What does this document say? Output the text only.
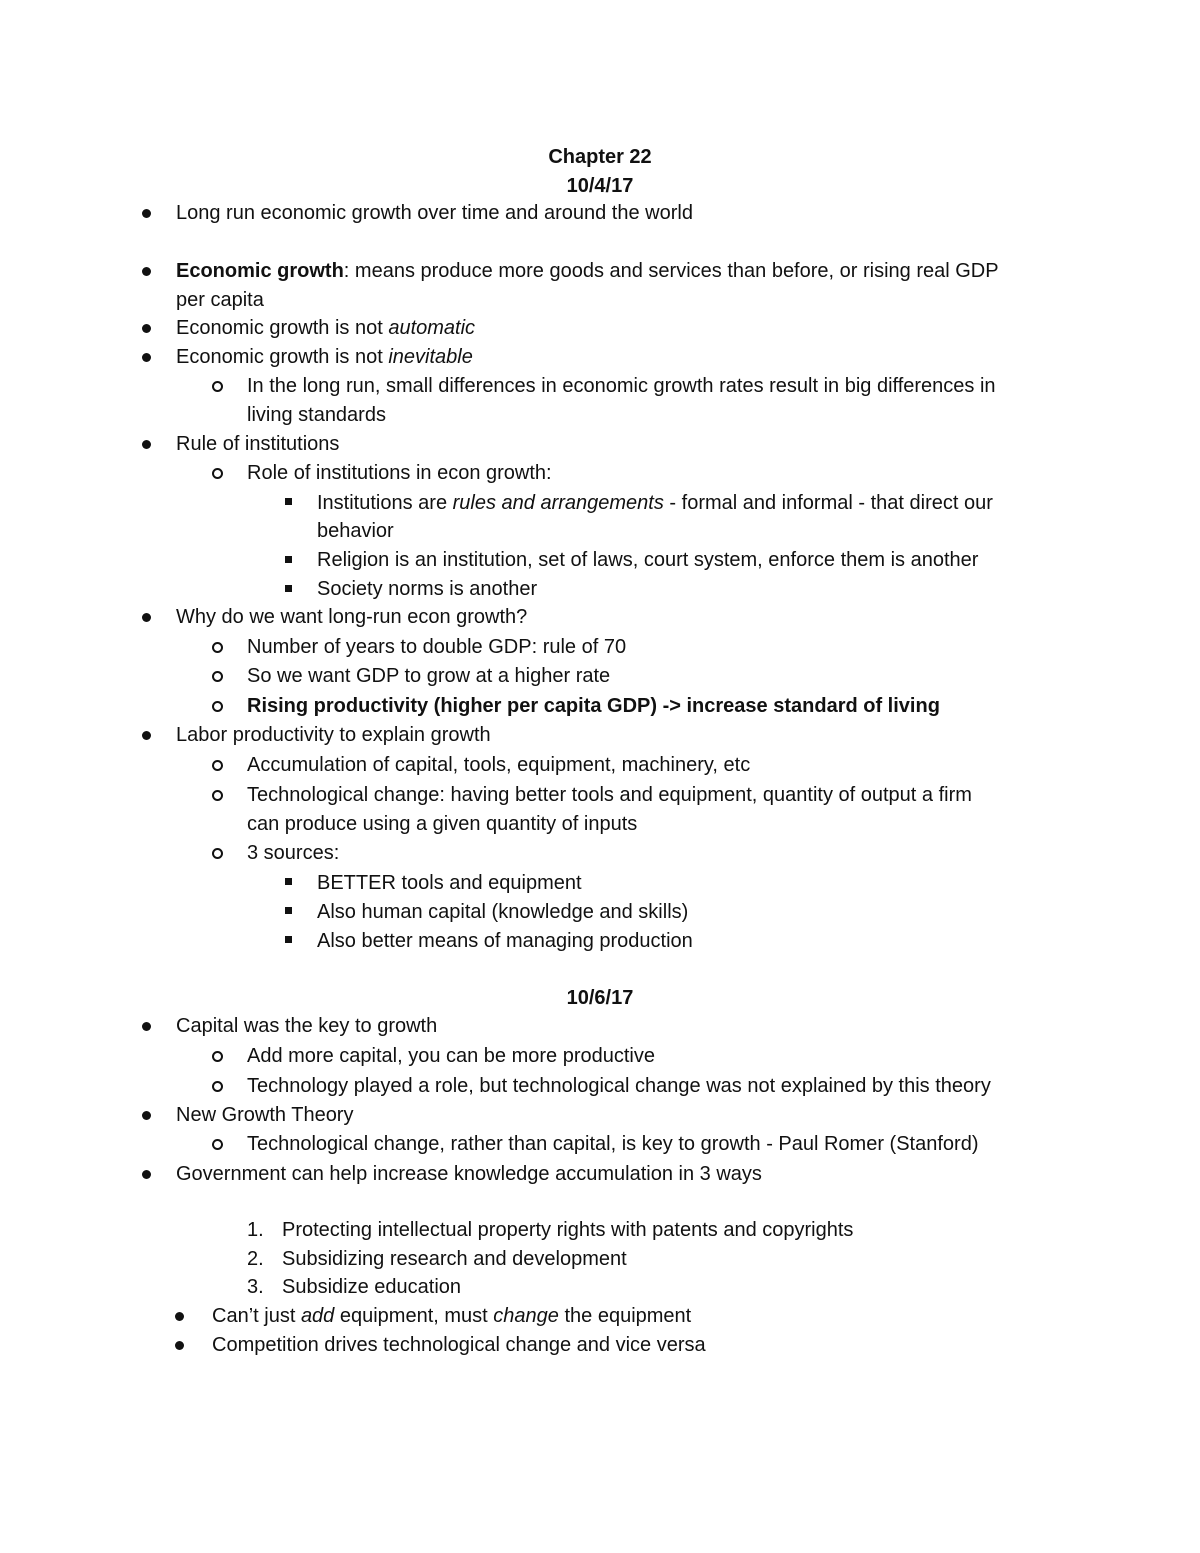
Chapter 22
10/4/17
Long run economic growth over time and around the world
Economic growth: means produce more goods and services than before, or rising real GDP
per capita
Economic growth is not automatic
Economic growth is not inevitable
In the long run, small differences in economic growth rates result in big differences in
living standards
Rule of institutions
Role of institutions in econ growth:
Institutions are rules and arrangements - formal and informal - that direct our
behavior
Religion is an institution, set of laws, court system, enforce them is another
Society norms is another
Why do we want long-run econ growth?
Number of years to double GDP: rule of 70
So we want GDP to grow at a higher rate
Rising productivity (higher per capita GDP) -> increase standard of living
Labor productivity to explain growth
Accumulation of capital, tools, equipment, machinery, etc
Technological change: having better tools and equipment, quantity of output a firm
can produce using a given quantity of inputs
3 sources:
BETTER tools and equipment
Also human capital (knowledge and skills)
Also better means of managing production
10/6/17
Capital was the key to growth
Add more capital, you can be more productive
Technology played a role, but technological change was not explained by this theory
New Growth Theory
Technological change, rather than capital, is key to growth - Paul Romer (Stanford)
Government can help increase knowledge accumulation in 3 ways
1. Protecting intellectual property rights with patents and copyrights
2. Subsidizing research and development
3. Subsidize education
Can’t just add equipment, must change the equipment
Competition drives technological change and vice versa
